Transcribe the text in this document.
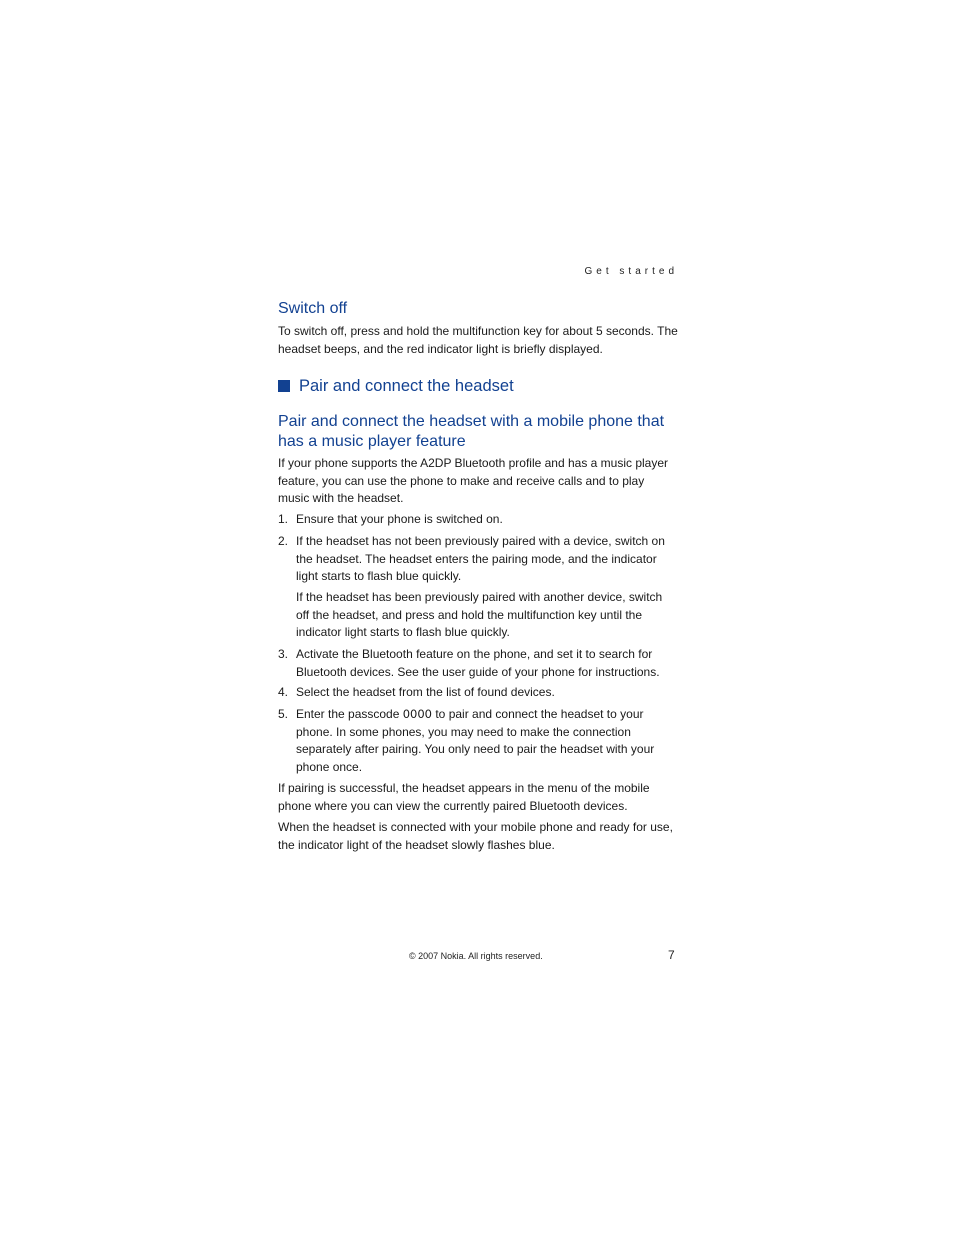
Get started
Switch off

To switch off, press and hold the multifunction key for about 5 seconds. The headset beeps, and the red indicator light is briefly displayed.

Pair and connect the headset
Pair and connect the headset with a mobile phone that has a music player feature

If your phone supports the A2DP Bluetooth profile and has a music player feature, you can use the phone to make and receive calls and to play music with the headset.

1. Ensure that your phone is switched on.
2. If the headset has not been previously paired with a device, switch on the headset. The headset enters the pairing mode, and the indicator light starts to flash blue quickly.

If the headset has been previously paired with another device, switch off the headset, and press and hold the multifunction key until the indicator light starts to flash blue quickly.

3. Activate the Bluetooth feature on the phone, and set it to search for Bluetooth devices. See the user guide of your phone for instructions.
4. Select the headset from the list of found devices.
5. Enter the passcode 0000 to pair and connect the headset to your phone. In some phones, you may need to make the connection separately after pairing. You only need to pair the headset with your phone once.

If pairing is successful, the headset appears in the menu of the mobile phone where you can view the currently paired Bluetooth devices.

When the headset is connected with your mobile phone and ready for use, the indicator light of the headset slowly flashes blue.

© 2007 Nokia. All rights reserved.	7
